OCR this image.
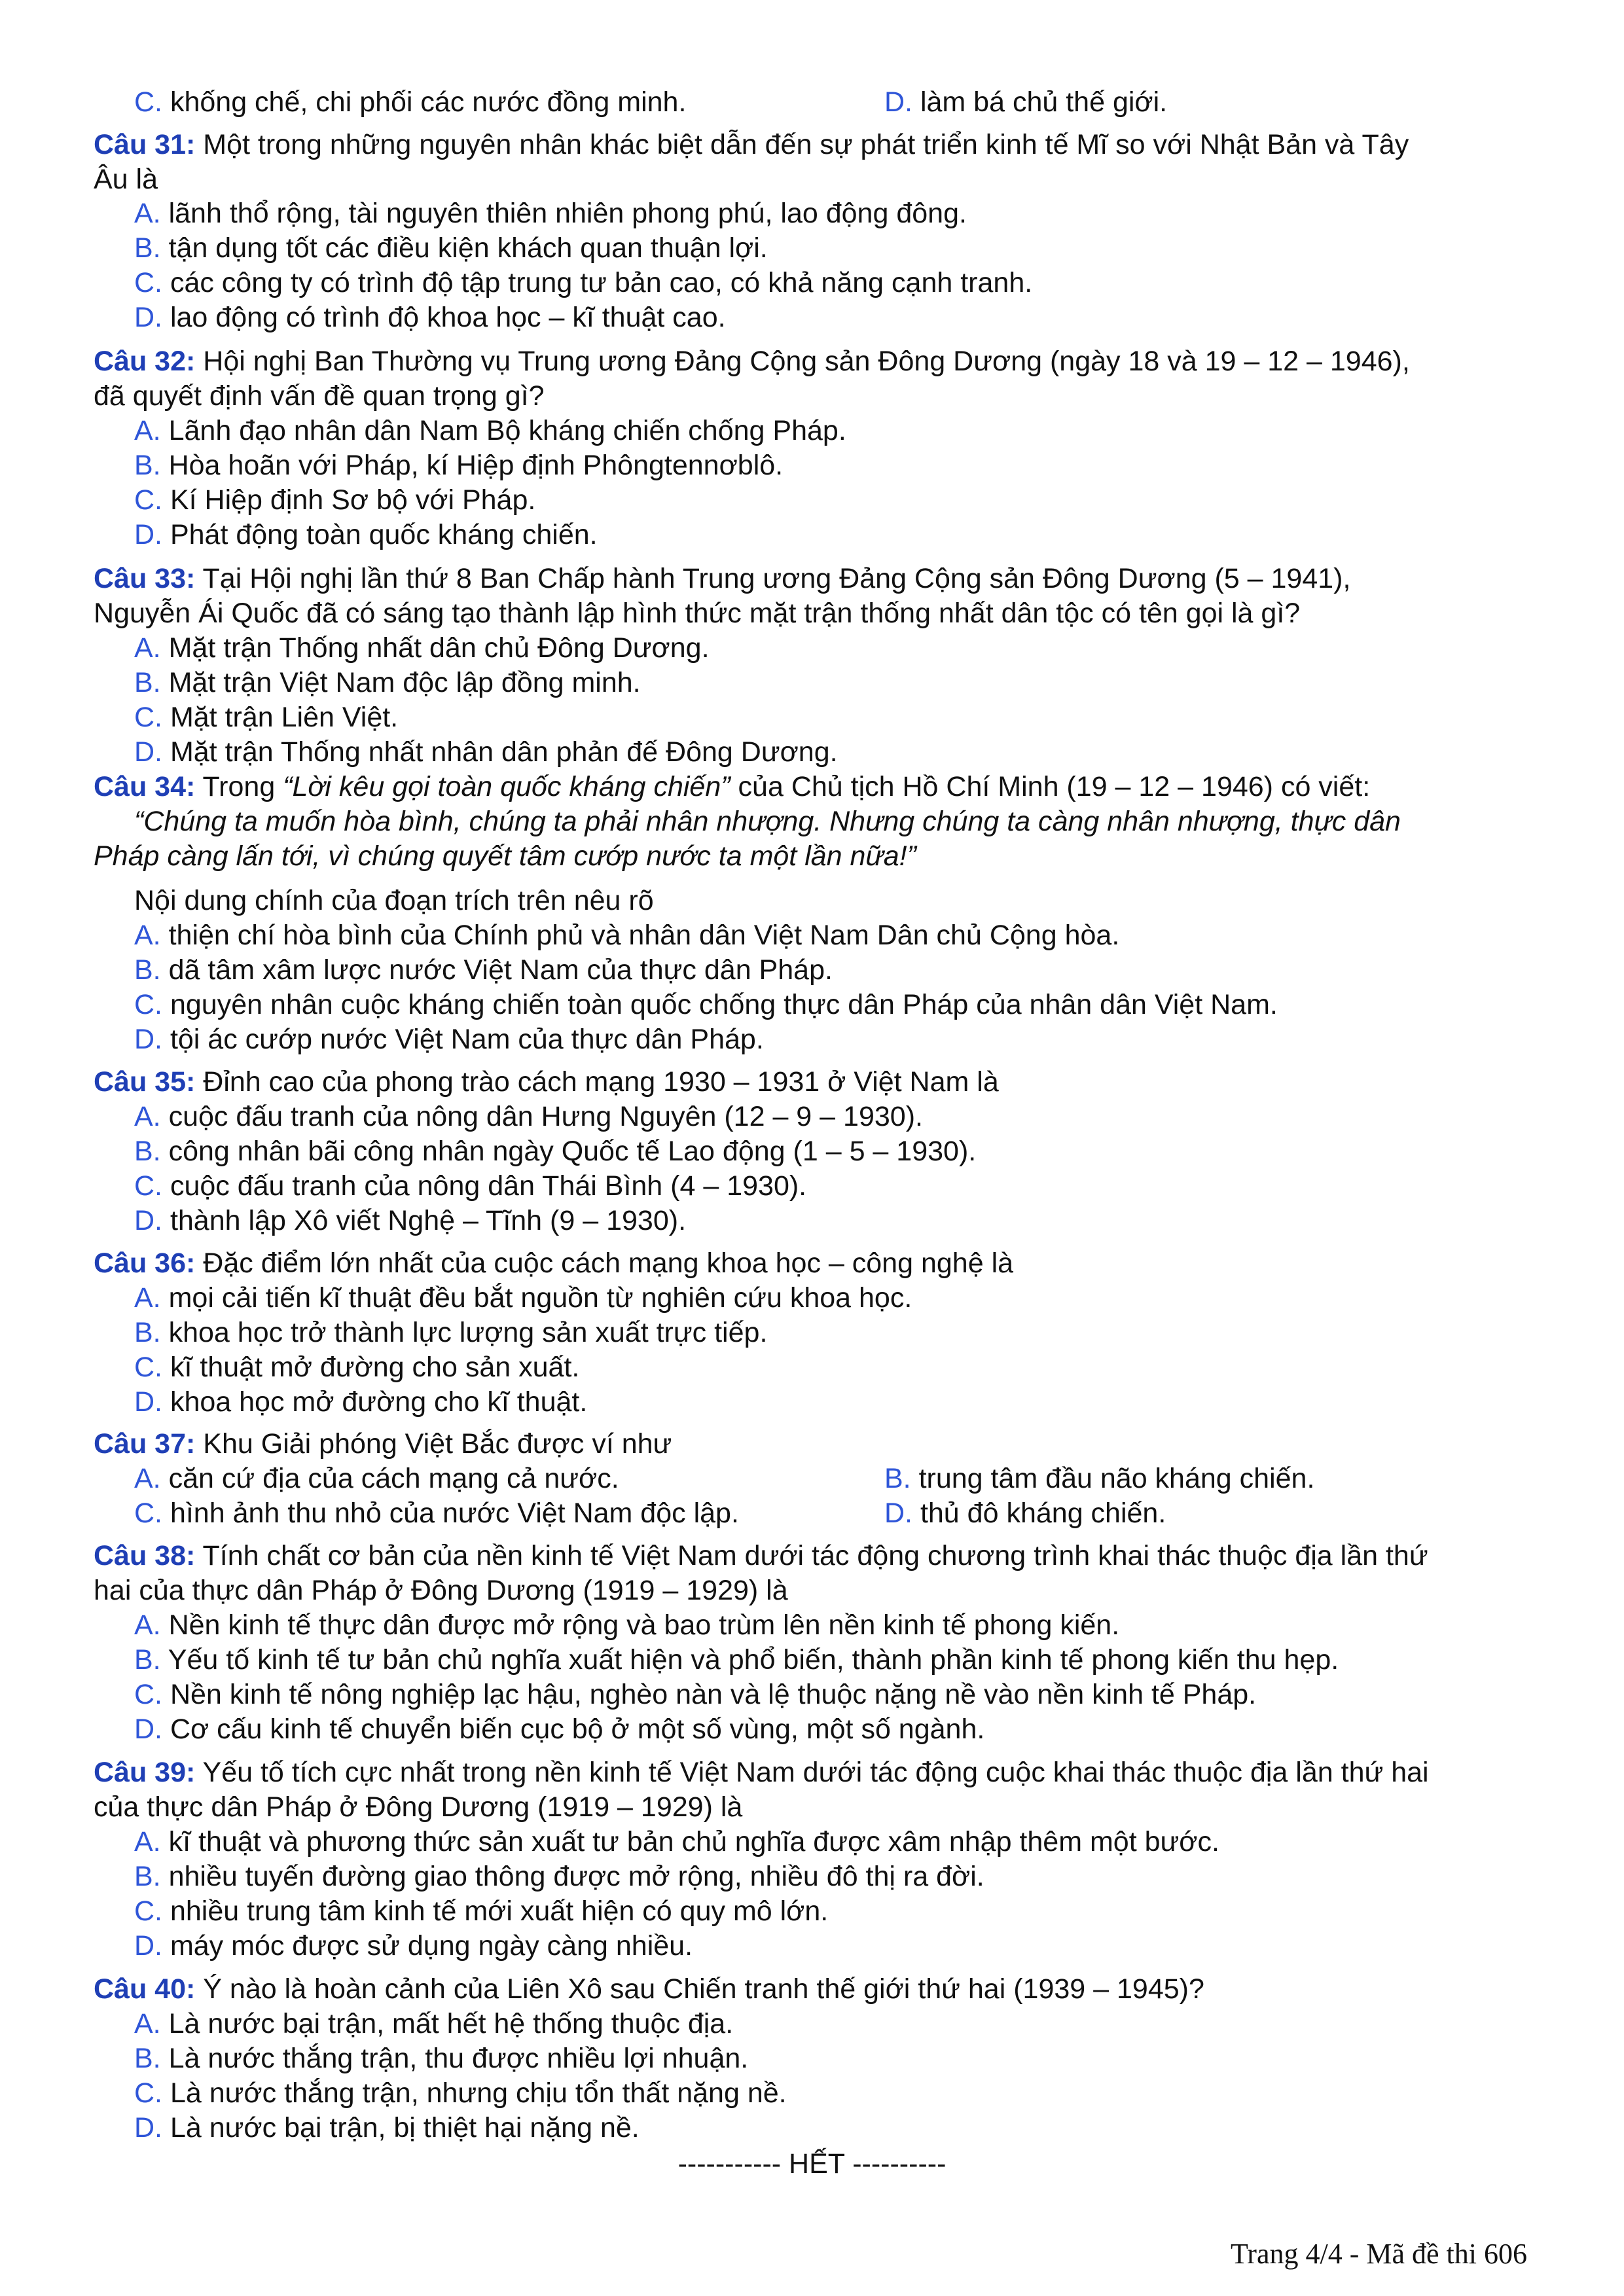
C. khống chế, chi phối các nước đồng minh.	D. làm bá chủ thế giới.
Câu 31: Một trong những nguyên nhân khác biệt dẫn đến sự phát triển kinh tế Mĩ so với Nhật Bản và Tây
Âu là
A. lãnh thổ rộng, tài nguyên thiên nhiên phong phú, lao động đông.
B. tận dụng tốt các điều kiện khách quan thuận lợi.
C. các công ty có trình độ tập trung tư bản cao, có khả năng cạnh tranh.
D. lao động có trình độ khoa học – kĩ thuật cao.
Câu 32: Hội nghị Ban Thường vụ Trung ương Đảng Cộng sản Đông Dương (ngày 18 và 19 – 12 – 1946),
đã quyết định vấn đề quan trọng gì?
A. Lãnh đạo nhân dân Nam Bộ kháng chiến chống Pháp.
B. Hòa hoãn với Pháp, kí Hiệp định Phôngtennơblô.
C. Kí Hiệp định Sơ bộ với Pháp.
D. Phát động toàn quốc kháng chiến.
Câu 33: Tại Hội nghị lần thứ 8 Ban Chấp hành Trung ương Đảng Cộng sản Đông Dương (5 – 1941),
Nguyễn Ái Quốc đã có sáng tạo thành lập hình thức mặt trận thống nhất dân tộc có tên gọi là gì?
A. Mặt trận Thống nhất dân chủ Đông Dương.
B. Mặt trận Việt Nam độc lập đồng minh.
C. Mặt trận Liên Việt.
D. Mặt trận Thống nhất nhân dân phản đế Đông Dương.
Câu 34: Trong “Lời kêu gọi toàn quốc kháng chiến” của Chủ tịch Hồ Chí Minh (19 – 12 – 1946) có viết:
“Chúng ta muốn hòa bình, chúng ta phải nhân nhượng. Nhưng chúng ta càng nhân nhượng, thực dân
Pháp càng lấn tới, vì chúng quyết tâm cướp nước ta một lần nữa!”
Nội dung chính của đoạn trích trên nêu rõ
A. thiện chí hòa bình của Chính phủ và nhân dân Việt Nam Dân chủ Cộng hòa.
B. dã tâm xâm lược nước Việt Nam của thực dân Pháp.
C. nguyên nhân cuộc kháng chiến toàn quốc chống thực dân Pháp của nhân dân Việt Nam.
D. tội ác cướp nước Việt Nam của thực dân Pháp.
Câu 35: Đỉnh cao của phong trào cách mạng 1930 – 1931 ở Việt Nam là
A. cuộc đấu tranh của nông dân Hưng Nguyên (12 – 9 – 1930).
B. công nhân bãi công nhân ngày Quốc tế Lao động (1 – 5 – 1930).
C. cuộc đấu tranh của nông dân Thái Bình (4 – 1930).
D. thành lập Xô viết Nghệ – Tĩnh (9 – 1930).
Câu 36: Đặc điểm lớn nhất của cuộc cách mạng khoa học – công nghệ là
A. mọi cải tiến kĩ thuật đều bắt nguồn từ nghiên cứu khoa học.
B. khoa học trở thành lực lượng sản xuất trực tiếp.
C. kĩ thuật mở đường cho sản xuất.
D. khoa học mở đường cho kĩ thuật.
Câu 37: Khu Giải phóng Việt Bắc được ví như
A. căn cứ địa của cách mạng cả nước.	B. trung tâm đầu não kháng chiến.
C. hình ảnh thu nhỏ của nước Việt Nam độc lập.	D. thủ đô kháng chiến.
Câu 38: Tính chất cơ bản của nền kinh tế Việt Nam dưới tác động chương trình khai thác thuộc địa lần thứ
hai của thực dân Pháp ở Đông Dương (1919 – 1929) là
A. Nền kinh tế thực dân được mở rộng và bao trùm lên nền kinh tế phong kiến.
B. Yếu tố kinh tế tư bản chủ nghĩa xuất hiện và phổ biến, thành phần kinh tế phong kiến thu hẹp.
C. Nền kinh tế nông nghiệp lạc hậu, nghèo nàn và lệ thuộc nặng nề vào nền kinh tế Pháp.
D. Cơ cấu kinh tế chuyển biến cục bộ ở một số vùng, một số ngành.
Câu 39: Yếu tố tích cực nhất trong nền kinh tế Việt Nam dưới tác động cuộc khai thác thuộc địa lần thứ hai
của thực dân Pháp ở Đông Dương (1919 – 1929) là
A. kĩ thuật và phương thức sản xuất tư bản chủ nghĩa được xâm nhập thêm một bước.
B. nhiều tuyến đường giao thông được mở rộng, nhiều đô thị ra đời.
C. nhiều trung tâm kinh tế mới xuất hiện có quy mô lớn.
D. máy móc được sử dụng ngày càng nhiều.
Câu 40: Ý nào là hoàn cảnh của Liên Xô sau Chiến tranh thế giới thứ hai (1939 – 1945)?
A. Là nước bại trận, mất hết hệ thống thuộc địa.
B. Là nước thắng trận, thu được nhiều lợi nhuận.
C. Là nước thắng trận, nhưng chịu tổn thất nặng nề.
D. Là nước bại trận, bị thiệt hại nặng nề.
----------- HẾT ----------
Trang 4/4 - Mã đề thi 606
